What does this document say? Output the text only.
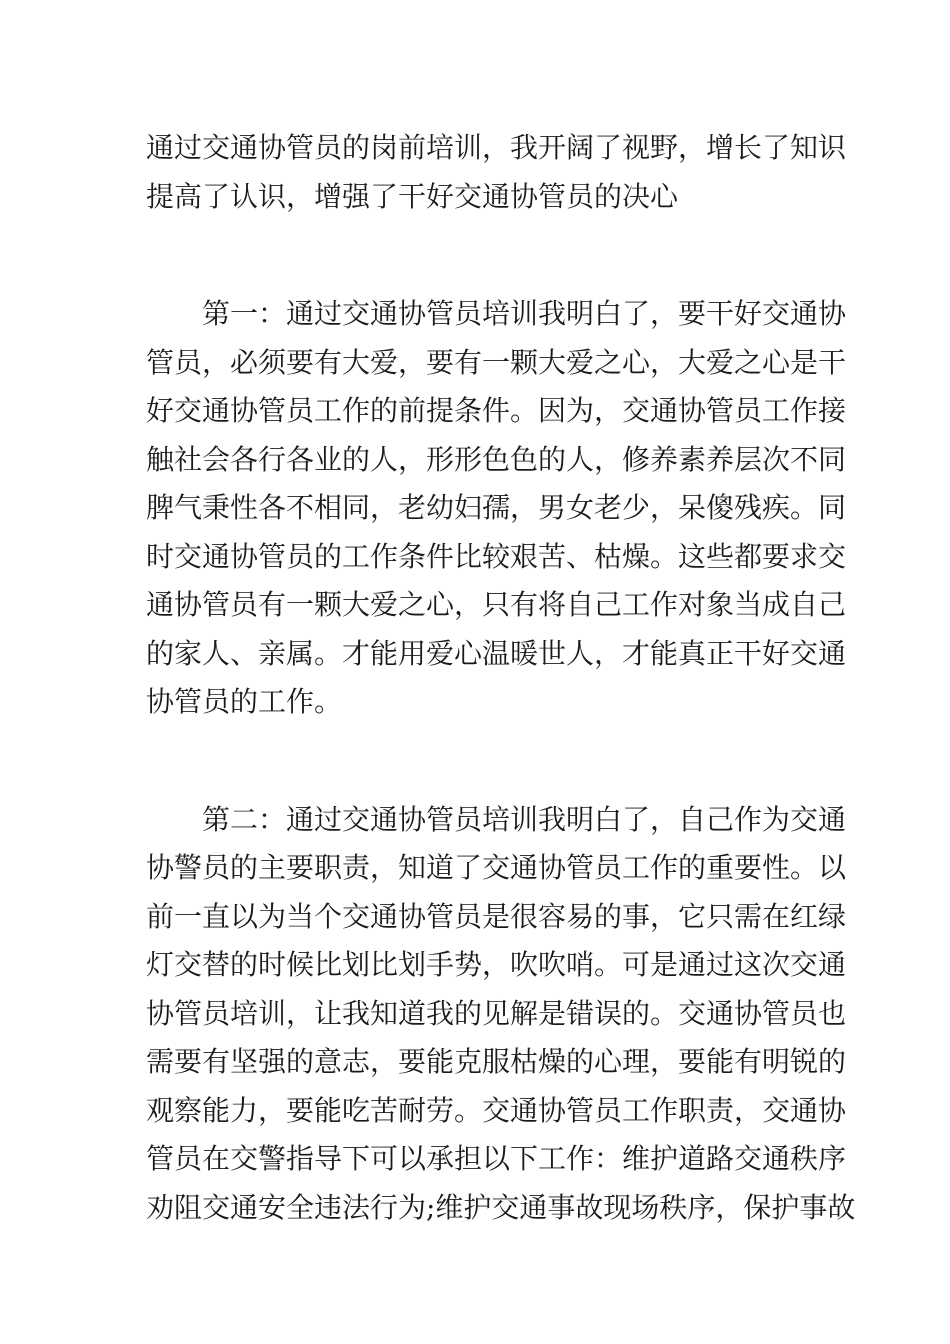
通过交通协管员的岗前培训，我开阔了视野，增长了知识
提高了认识，增强了干好交通协管员的决心
第一：通过交通协管员培训我明白了，要干好交通协
管员，必须要有大爱，要有一颗大爱之心，大爱之心是干
好交通协管员工作的前提条件。因为，交通协管员工作接
触社会各行各业的人，形形色色的人，修养素养层次不同
脾气秉性各不相同，老幼妇孺，男女老少，呆傻残疾。同
时交通协管员的工作条件比较艰苦、枯燥。这些都要求交
通协管员有一颗大爱之心，只有将自己工作对象当成自己
的家人、亲属。才能用爱心温暖世人，才能真正干好交通
协管员的工作。
第二：通过交通协管员培训我明白了，自己作为交通
协警员的主要职责，知道了交通协管员工作的重要性。以
前一直以为当个交通协管员是很容易的事，它只需在红绿
灯交替的时候比划比划手势，吹吹哨。可是通过这次交通
协管员培训，让我知道我的见解是错误的。交通协管员也
需要有坚强的意志，要能克服枯燥的心理，要能有明锐的
观察能力，要能吃苦耐劳。交通协管员工作职责，交通协
管员在交警指导下可以承担以下工作：维护道路交通秩序
劝阻交通安全违法行为;维护交通事故现场秩序，保护事故
